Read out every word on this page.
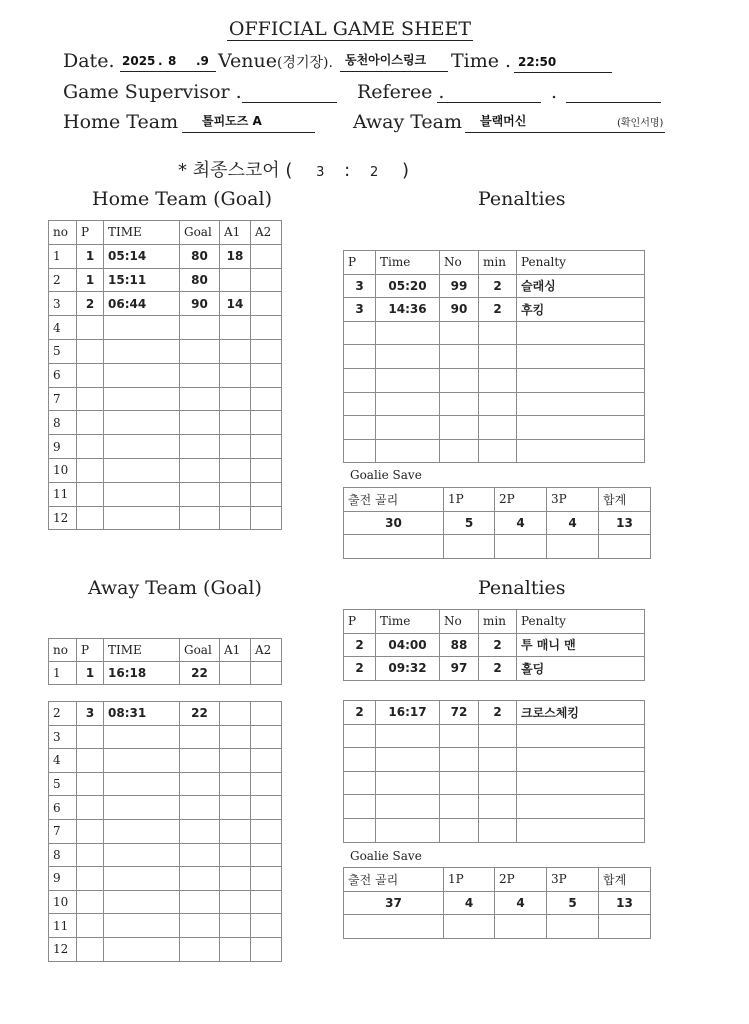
OFFICIAL GAME SHEET
Date. 2025 . 8 .9 Venue(경기장). 동천아이스링크 Time . 22:50
Game Supervisor .	Referee .	.
Home Team 톨피도즈 A	Away Team 블랙머신	(확인서명)
* 최종스코어 ( 3 : 2 )
Home Team (Goal)	Penalties
Away Team (Goal)	Penalties
Goalie Save
Goalie Save
no	P	TIME	Goal	A1	A2
1	1	05:14	80	18	
2	1	15:11	80		
3	2	06:44	90	14	
4					
5					
6					
7					
8					
9					
10					
11					
12					
P	Time	No	min	Penalty
3	05:20	99	2	슬래싱
3	14:36	90	2	후킹

출전 골리	1P	2P	3P	합계
30	5	4	4	13

no	P	TIME	Goal	A1	A2
1	1	16:18	22		
2	3	08:31	22		
3					
4					
5					
6					
7					
8					
9					
10					
11					
12					
P	Time	No	min	Penalty
2	04:00	88	2	투 매니 맨
2	09:32	97	2	홀딩
2	16:17	72	2	크로스체킹

출전 골리	1P	2P	3P	합계
37	4	4	5	13
